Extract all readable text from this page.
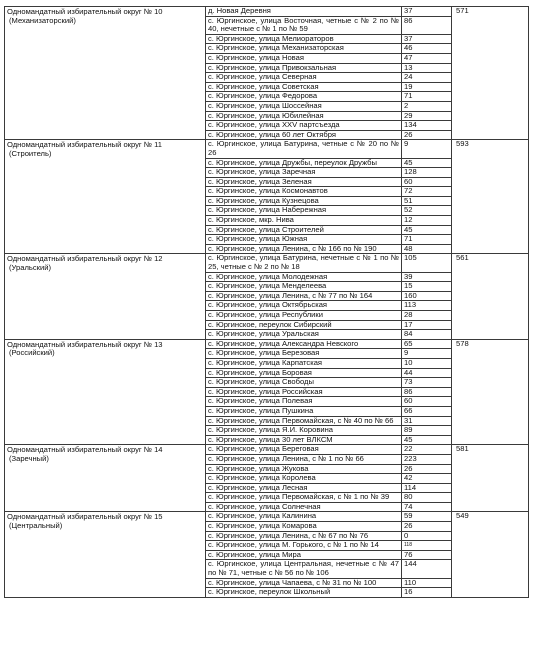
Одномандатный избирательный округ № 10
(Механизаторский)	д. Новая Деревня	37	571
	с. Юргинское, улица Восточная, четные с № 2 по № 40, нечетные с № 1 по № 59	86	
	с. Юргинское, улица Мелиораторов	37	
	с. Юргинское, улица Механизаторская	46	
	с. Юргинское, улица Новая	47	
	с. Юргинское, улица Привокзальная	13	
	с. Юргинское, улица Северная	24	
	с. Юргинское, улица Советская	19	
	с. Юргинское, улица Федорова	71	
	с. Юргинское, улица Шоссейная	2	
	с. Юргинское, улица Юбилейная	29	
	с. Юргинское, улица XXV партсъезда	134	
	с. Юргинское, улица 60 лет Октября	26	

Одномандатный избирательный округ № 11
(Строитель)	с. Юргинское, улица Батурина, четные с № 20 по № 26	9	593
	с. Юргинское, улица Дружбы, переулок Дружбы	45	
	с. Юргинское, улица Заречная	128	
	с. Юргинское, улица Зеленая	60	
	с. Юргинское, улица Космонавтов	72	
	с. Юргинское, улица Кузнецова	51	
	с. Юргинское, улица Набережная	52	
	с. Юргинское, мкр. Нива	12	
	с. Юргинское, улица Строителей	45	
	с. Юргинское, улица Южная	71	
	с. Юргинское, улица Ленина, с № 166 по № 190	48	

Одномандатный избирательный округ № 12
(Уральский)	с. Юргинское, улица Батурина, нечетные с № 1 по № 25, четные с № 2 по № 18	105	561
	с. Юргинское, улица Молодежная	39	
	с. Юргинское, улица Менделеева	15	
	с. Юргинское, улица Ленина, с № 77 по № 164	160	
	с. Юргинское, улица Октябрьская	113	
	с. Юргинское, улица Республики	28	
	с. Юргинское, переулок Сибирский	17	
	с. Юргинское, улица Уральская	84	

Одномандатный избирательный округ № 13
(Российский)	с. Юргинское, улица Александра Невского	65	578
	с. Юргинское, улица Березовая	9	
	с. Юргинское, улица Карпатская	10	
	с. Юргинское, улица Боровая	44	
	с. Юргинское, улица Свободы	73	
	с. Юргинское, улица Российская	86	
	с. Юргинское, улица Полевая	60	
	с. Юргинское, улица Пушкина	66	
	с. Юргинское, улица Первомайская, с № 40 по № 66	31	
	с. Юргинское, улица Я.И. Коровина	89	
	с. Юргинское, улица 30 лет ВЛКСМ	45	

Одномандатный избирательный округ № 14
(Заречный)	с. Юргинское, улица Береговая	22	581
	с. Юргинское, улица Ленина, с № 1 по № 66	223	
	с. Юргинское, улица Жукова	26	
	с. Юргинское, улица Королева	42	
	с. Юргинское, улица Лесная	114	
	с. Юргинское, улица Первомайская, с № 1 по № 39	80	
	с. Юргинское, улица Солнечная	74	

Одномандатный избирательный округ № 15
(Центральный)	с. Юргинское, улица Калинина	59	549
	с. Юргинское, улица Комарова	26	
	с. Юргинское, улица Ленина, с № 67 по № 76	0	
	с. Юргинское, улица М. Горького, с № 1 по № 14	$^{118}$
	с. Юргинское, улица Мира	76	
	с. Юргинское, улица Центральная, нечетные с № 47 по № 71, четные с № 56 по № 106	144	
	с. Юргинское, улица Чапаева, с № 31 по № 100	110	
	с. Юргинское, переулок Школьный	16	
